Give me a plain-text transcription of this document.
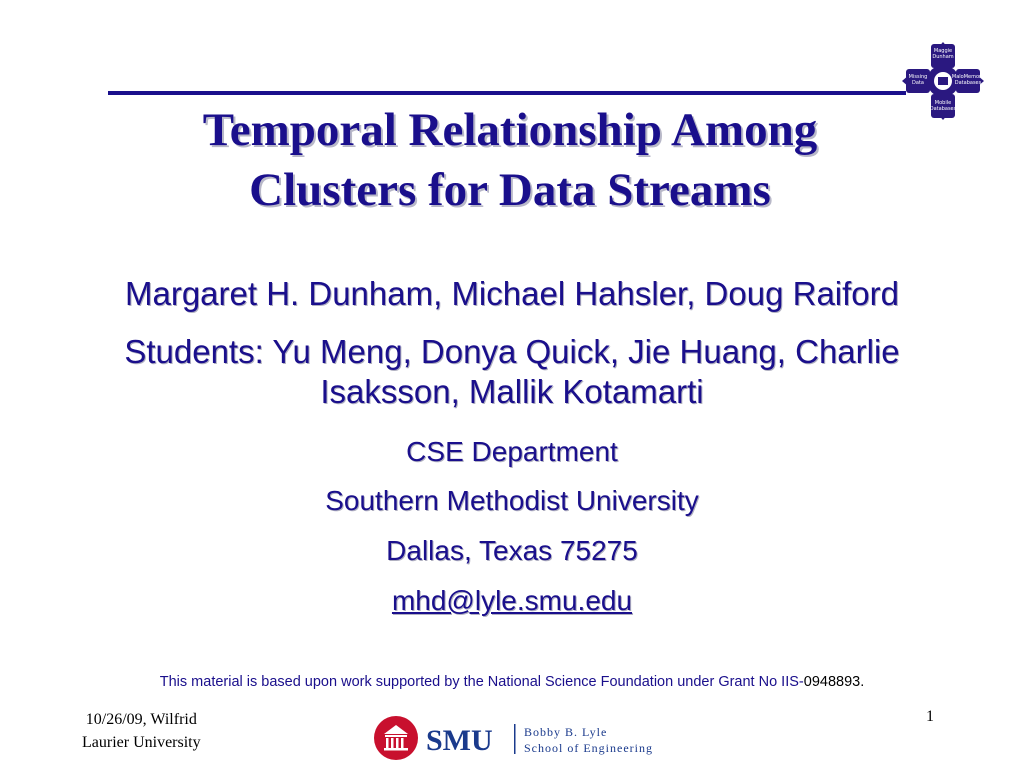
Maggie
Dunham
Missing
Data
MaloMemory
Databases
Mobile
Databases
Temporal Relationship Among
Clusters for Data Streams
Margaret H. Dunham, Michael Hahsler, Doug Raiford
Students: Yu Meng, Donya Quick, Jie Huang, Charlie
Isaksson, Mallik Kotamarti
CSE Department
Southern Methodist University
Dallas, Texas 75275
mhd@lyle.smu.edu
This material is based upon work supported by the National Science Foundation under Grant No IIS-0948893.
10/26/09, Wilfrid
Laurier University
1
SMU	Bobby B. Lyle
School of Engineering
